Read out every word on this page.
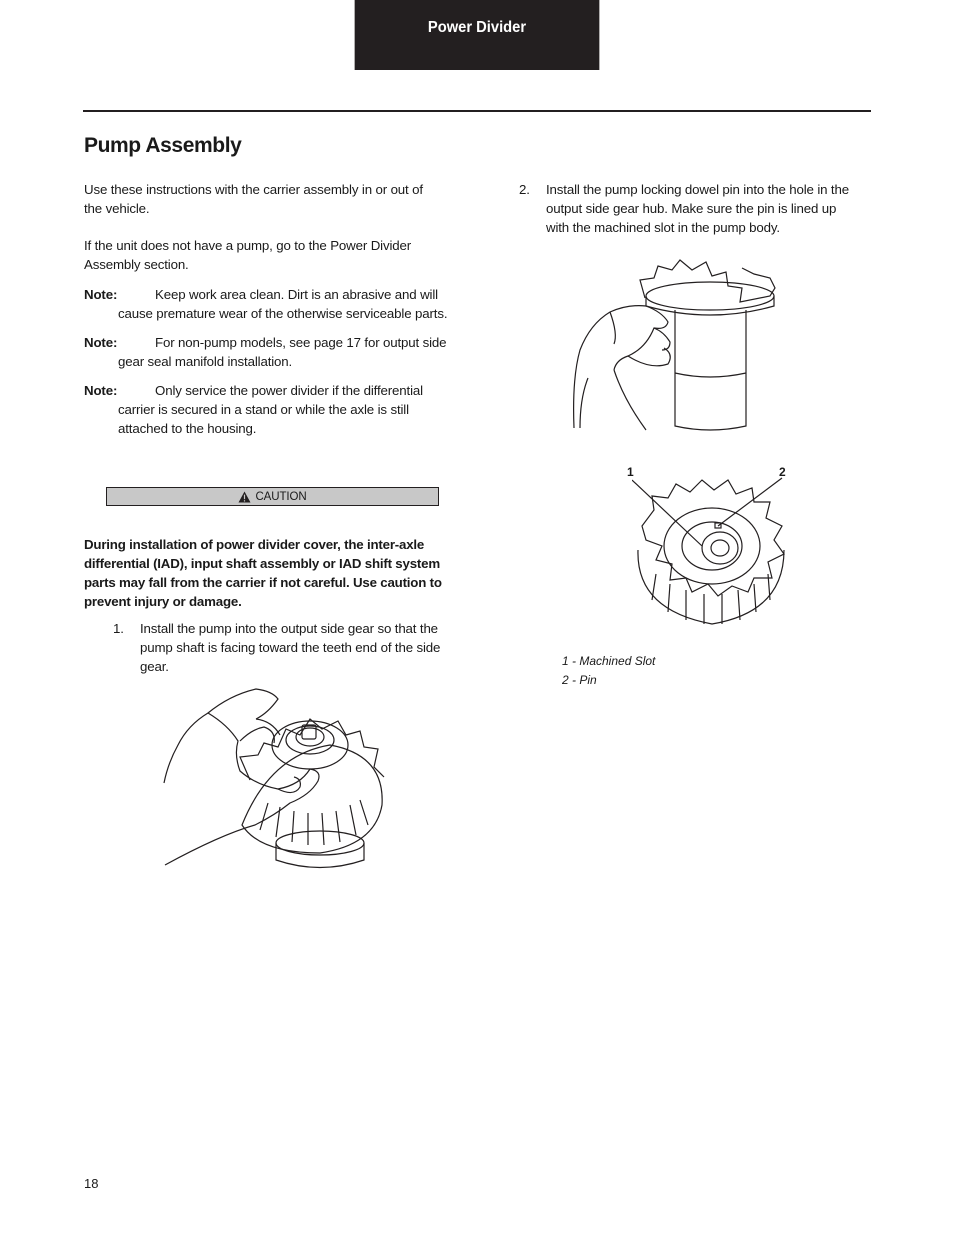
Power Divider
Pump Assembly

Use these instructions with the carrier assembly in or out of the vehicle.

If the unit does not have a pump, go to the Power Divider Assembly section.

Note:	Keep work area clean. Dirt is an abrasive and will cause premature wear of the otherwise serviceable parts.
Note:	For non-pump models, see page 17 for output side gear seal manifold installation.
Note:	Only service the power divider if the differential carrier is secured in a stand or while the axle is still attached to the housing.
CAUTION
During installation of power divider cover, the inter-axle differential (IAD), input shaft assembly or IAD shift system parts may fall from the carrier if not careful. Use caution to prevent injury or damage.
1.	Install the pump into the output side gear so that the pump shaft is facing toward the teeth end of the side gear.
2.	Install the pump locking dowel pin into the hole in the output side gear hub. Make sure the pin is lined up with the machined slot in the pump body.
1	2
1 - Machined Slot
2 - Pin
18
